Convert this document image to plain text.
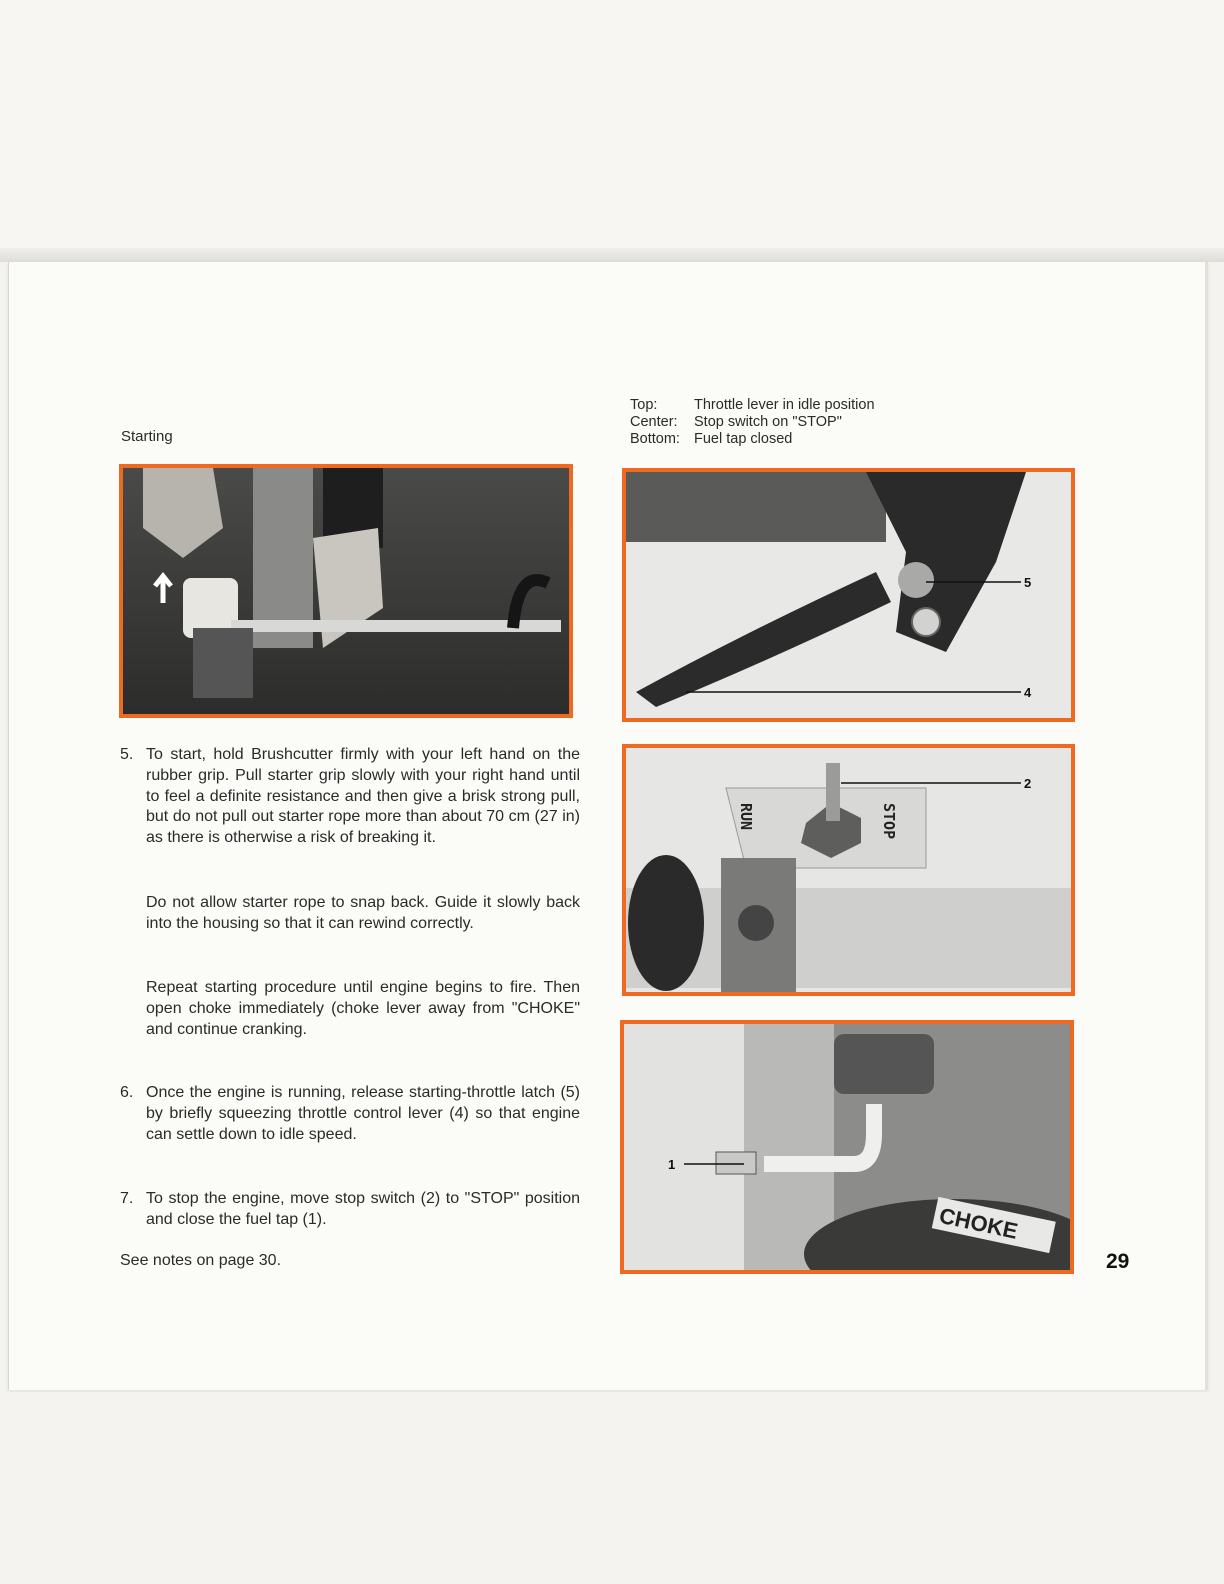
Starting
Top:	Throttle lever in idle position
Center:	Stop switch on "STOP"
Bottom: Fuel tap closed
5
4
RUN	STOP
2
CHOKE
1
5. To start, hold Brushcutter firmly with your left hand on the rubber grip. Pull starter grip slowly with your right hand until to feel a definite resistance and then give a brisk strong pull, but do not pull out starter rope more than about 70 cm (27 in) as there is otherwise a risk of breaking it.
Do not allow starter rope to snap back. Guide it slowly back into the housing so that it can rewind correctly.
Repeat starting procedure until engine begins to fire. Then open choke immediately (choke lever away from "CHOKE" and continue cranking.
6. Once the engine is running, release starting-throttle latch (5) by briefly squeezing throttle control lever (4) so that engine can settle down to idle speed.
7. To stop the engine, move stop switch (2) to "STOP" position and close the fuel tap (1).
See notes on page 30.	29
